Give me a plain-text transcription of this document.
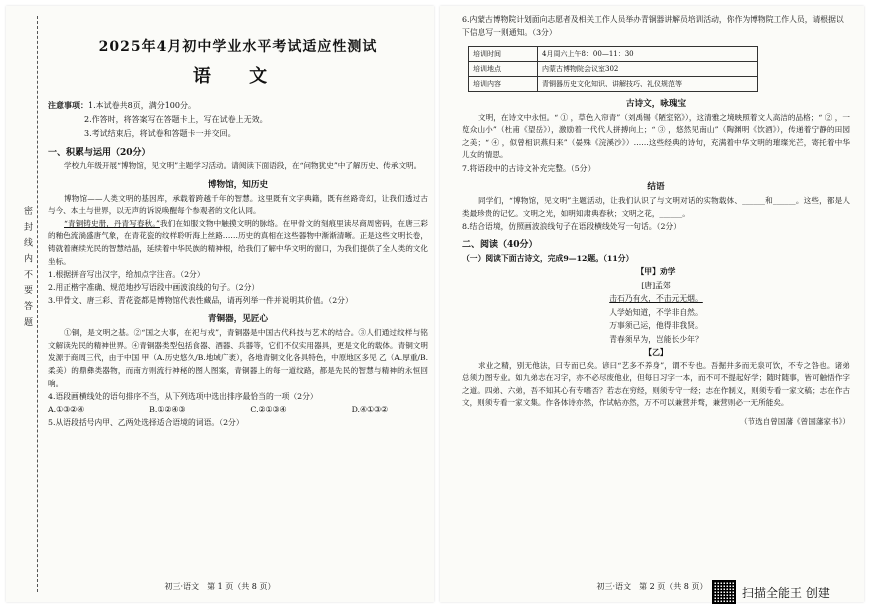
密 封 线 内 不 要 答 题
2025年4月初中学业水平考试适应性测试
语 文
注意事项：1.本试卷共8页，满分100分。
2.作答时，将答案写在答题卡上，写在试卷上无效。
3.考试结束后，将试卷和答题卡一并交回。
一、积累与运用（20分）
学校九年级开展“博物馆，见文明”主题学习活动。请阅读下面语段，在“问物犹史”中了解历史、传承文明。
博物馆，知历史
博物馆——人类文明的基因库，承载着跨越千年的智慧。这里既有文字典籍，既有丝路奇幻，让我们透过古与今、本土与世界，以无声的诉说唤醒每个参观者的文化认同。
“青铜铸史册，丹青写春秋。”我们在如服文物中触摸文明的脉络。在甲骨文的刻痕里读尽商周密码，在唐三彩的釉色流淌盛唐气象，在青花瓷的纹样聆听海上丝路……历史的真相在这些器物中渐渐清晰。正是这些文明长卷，铸就着赓续光民的智慧结晶，延续着中华民族的精神根，给我们了解中华文明的窗口，为我们提供了全人类的文化坐标。
1.根据拼音写出汉字，给加点字注音。（2分）
2.用正楷字准确、规范地抄写语段中画波浪线的句子。（2分）
3.甲骨文、唐三彩、青花瓷都是博物馆代表性藏品，请再列举一件并说明其价值。（2分）
青铜器，见匠心
①铜，是文明之基。②“国之大事，在祀与戎”，青铜器是中国古代科技与艺术的结合。③人们通过纹样与铭文解读先民的精神世界。④青铜器类型包括食器、酒器、兵器等，它们不仅实用器具，更是文化的载体。青铜文明发源于商周三代，由于中国 甲（A.历史悠久/B.地域广袤），各地青铜文化各具特色，中原地区多见 乙（A.厚重/B.柔美）的鼎彝类器物，而南方则流行神秘的图人图案，青铜器上的每一道纹路，都是先民的智慧与精神的永恒回响。
4.语段画横线处的语句排序不当，从下列选项中选出排序最恰当的一项（2分）
A.①③②④	B.①②④③	C.②①③④	D.④①③②
5.从语段括号内甲、乙两处选择适合语境的词语。（2分）
初三·语文　第 1 页（共 8 页）
6.内蒙古博物院计划面向志愿者及相关工作人员举办青铜器讲解员培训活动，你作为博物院工作人员，请根据以下信息写一则通知。（3分）
培训时间	4月周六上午8：00—11：30
培训地点	内蒙古博物院会议室302
培训内容	青铜器历史文化知识、讲解技巧、礼仪规范等
古诗文，咏瑰宝
文明，在诗文中永恒。“ ① ，草色入帘青”（刘禹锡《陋室铭》），这清雅之境映照着文人高洁的品格；“ ② ，一览众山小”（杜甫《望岳》），激励着一代代人拼搏向上；“ ③ ，悠然见南山”（陶渊明《饮酒》），传递着宁静的田园之美；“ ④ ，似曾相识燕归来”（晏殊《浣溪沙》）……这些经典的诗句，充满着中华文明的璀璨光芒，寄托着中华儿女的情思。
7.将语段中的古诗文补充完整。（5分）
结语
同学们，“博物馆，见文明”主题活动，让我们认识了与文明对话的实物载体、______和______。这些，都是人类最珍贵的记忆。文明之光，如明知肃典春秋；文明之花，______。
8.结合语境，仿照画波浪线句子在语段横线处写一句话。（2分）
二、阅读（40分）
（一）阅读下面古诗文，完成9—12题。（11分）
【甲】劝学
[唐]孟郊
击石乃有火，不击元无烟。
人学始知道，不学非自然。
万事须己运，他得非我贤。
青春须早为，岂能长少年？
【乙】
求业之精，别无他法，曰专而已矣。谚曰“艺多不养身”，谓不专也。吾掘井多而无泉可饮，不专之咎也。诸弟总须力图专业。如九弟志在习字，亦不必尽废他业，但每日习字一本，而不可不提起好学；随时随事，皆可触悟作字之道。四弟、六弟，吾不知其心有专嗜否？若志在穷经，则须专守一经；志在作制义，则须专看一家文稿；志在作古文，则须专看一家文集。作各体诗亦然，作试帖亦然，万不可以兼营并骛，兼营则必一无所能矣。
（节选自曾国藩《曾国藩家书》）
初三·语文　第 2 页（共 8 页）	扫描全能王 创建
